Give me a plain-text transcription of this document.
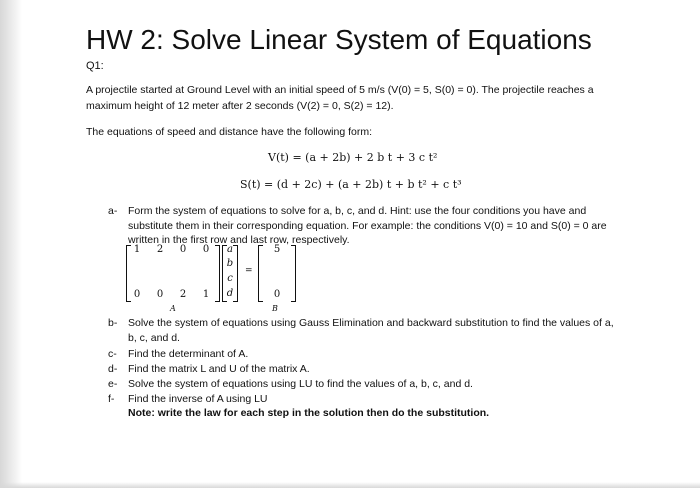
HW 2: Solve Linear System of Equations
Q1:
A projectile started at Ground Level with an initial speed of 5 m/s (V(0) = 5, S(0) = 0). The projectile reaches a maximum height of 12 meter after 2 seconds (V(2) = 0, S(2) = 12).
The equations of speed and distance have the following form:
V(t) = (a + 2b) + 2 b t + 3 c t²
S(t) = (d + 2c) + (a + 2b) t + b t² + c t³
a-	Form the system of equations to solve for a, b, c, and d. Hint: use the four conditions you have and substitute them in their corresponding equation. For example: the conditions V(0) = 10 and S(0) = 0 are written in the first row and last row, respectively.
1 2 0 0
0 0 2 1
A
a
b
c
d
=
5
0
B
b-	Solve the system of equations using Gauss Elimination and backward substitution to find the values of a, b, c, and d.
c-	Find the determinant of A.
d-	Find the matrix L and U of the matrix A.
e-	Solve the system of equations using LU to find the values of a, b, c, and d.
f-	Find the inverse of A using LU
Note: write the law for each step in the solution then do the substitution.
